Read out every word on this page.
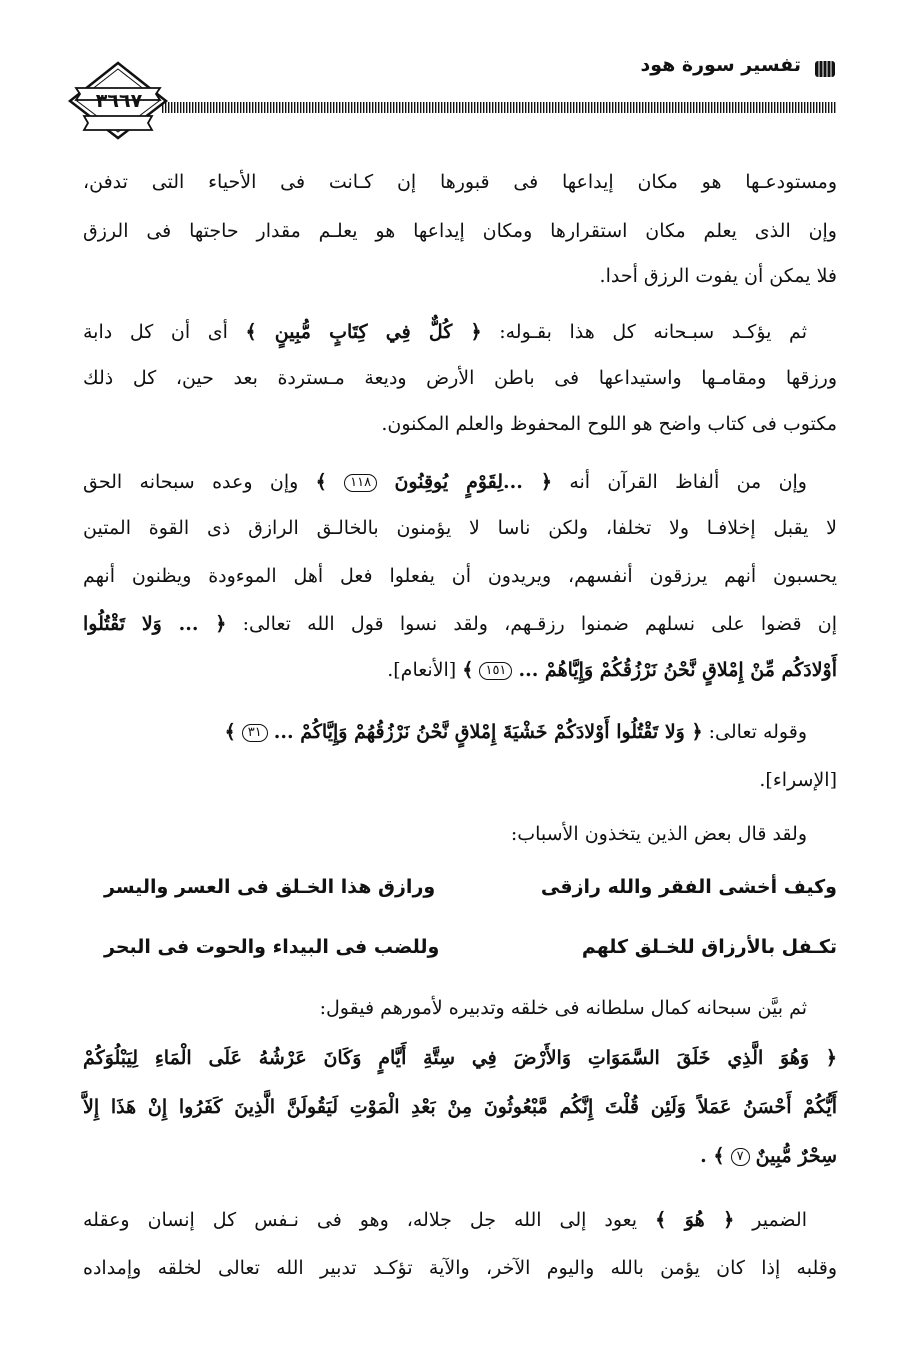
تفسير سورة هود
٣٦٦٧
ومستودعـها هو مكان إيداعها فى قبورها إن كـانت فى الأحياء التى تدفن،
وإن الذى يعلم مكان استقرارها ومكان إيداعها هو يعلـم مقدار حاجتها فى الرزق
فلا يمكن أن يفوت الرزق أحدا.
ثم يؤكـد سبـحانه كل هذا بقـوله: ﴿ كُلٌّ فِي كِتَابٍ مُّبِينٍ ﴾ أى أن كل دابة
ورزقها ومقامـها واستيداعها فى باطن الأرض وديعة مـستردة بعد حين، كل ذلك
مكتوب فى كتاب واضح هو اللوح المحفوظ والعلم المكنون.
وإن من ألفاظ القرآن أنه ﴿ ...لِقَوْمٍ يُوقِنُونَ ١١٨ ﴾ وإن وعده سبحانه الحق
لا يقبل إخلافـا ولا تخلفا، ولكن ناسا لا يؤمنون بالخالـق الرازق ذى القوة المتين
يحسبون أنهم يرزقون أنفسهم، ويريدون أن يفعلوا فعل أهل الموءودة ويظنون أنهم
إن قضوا على نسلهم ضمنوا رزقـهم، ولقد نسوا قول الله تعالى: ﴿ ... وَلا تَقْتُلُوا
أَوْلادَكُم مِّنْ إِمْلاقٍ نَّحْنُ نَرْزُقُكُمْ وَإِيَّاهُمْ ... ١٥١ ﴾ [الأنعام].
وقوله تعالى: ﴿ وَلا تَقْتُلُوا أَوْلادَكُمْ خَشْيَةَ إِمْلاقٍ نَّحْنُ نَرْزُقُهُمْ وَإِيَّاكُمْ ... ٣١ ﴾
[الإسراء].
ولقد قال بعض الذين يتخذون الأسباب:
وكيف أخشى الفقر والله رازقى
ورازق هذا الخـلق فى العسر واليسر
تكـفل بالأرزاق للخـلق كلهم
وللضب فى البيداء والحوت فى البحر
ثم بيَّن سبحانه كمال سلطانه فى خلقه وتدبيره لأمورهم فيقول:
﴿ وَهُوَ الَّذِي خَلَقَ السَّمَوَاتِ وَالأَرْضَ فِي سِتَّةِ أَيَّامٍ وَكَانَ عَرْشُهُ عَلَى الْمَاءِ لِيَبْلُوَكُمْ
أَيُّكُمْ أَحْسَنُ عَمَلاً وَلَئِن قُلْتَ إِنَّكُم مَّبْعُوثُونَ مِنْ بَعْدِ الْمَوْتِ لَيَقُولَنَّ الَّذِينَ كَفَرُوا إِنْ هَذَا إِلاَّ
سِحْرٌ مُّبِينٌ ٧ ﴾ .
الضمير ﴿ هُوَ ﴾ يعود إلى الله جل جلاله، وهو فى نـفس كل إنسان وعقله
وقلبه إذا كان يؤمن بالله واليوم الآخر، والآية تؤكـد تدبير الله تعالى لخلقه وإمداده
